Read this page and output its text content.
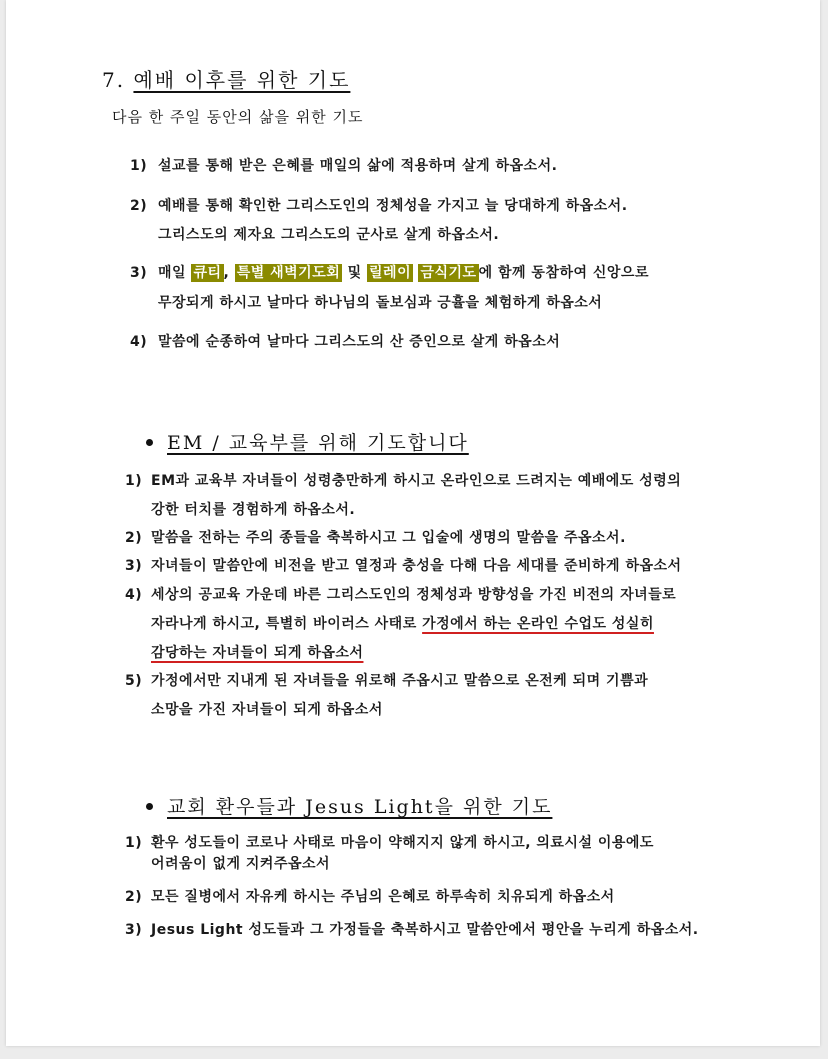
7. 예배 이후를 위한 기도
다음 한 주일 동안의 삶을 위한 기도
1) 설교를 통해 받은 은혜를 매일의 삶에 적용하며 살게 하옵소서.
2) 예배를 통해 확인한 그리스도인의 정체성을 가지고 늘 당대하게 하옵소서.
그리스도의 제자요 그리스도의 군사로 살게 하옵소서.
3) 매일 큐티 , 특별 새벽기도회 및 릴레이 금식기도 에 함께 동참하여 신앙으로
무장되게 하시고 날마다 하나님의 돌보심과 긍휼을 체험하게 하옵소서
4) 말씀에 순종하여 날마다 그리스도의 산 증인으로 살게 하옵소서
EM / 교육부를 위해 기도합니다
1) EM과 교육부 자녀들이 성령충만하게 하시고 온라인으로 드려지는 예배에도 성령의
강한 터치를 경험하게 하옵소서.
2) 말씀을 전하는 주의 종들을 축복하시고 그 입술에 생명의 말씀을 주옵소서.
3) 자녀들이 말씀안에 비전을 받고 열정과 충성을 다해 다음 세대를 준비하게 하옵소서
4) 세상의 공교육 가운데 바른 그리스도인의 정체성과 방향성을 가진 비전의 자녀들로
자라나게 하시고, 특별히 바이러스 사태로 가정에서 하는 온라인 수업도 성실히
감당하는 자녀들이 되게 하옵소서
5) 가정에서만 지내게 된 자녀들을 위로해 주옵시고 말씀으로 온전케 되며 기쁨과
소망을 가진 자녀들이 되게 하옵소서
교회 환우들과 Jesus Light을 위한 기도
1) 환우 성도들이 코로나 사태로 마음이 약해지지 않게 하시고, 의료시설 이용에도
어려움이 없게 지켜주옵소서
2) 모든 질병에서 자유케 하시는 주님의 은혜로 하루속히 치유되게 하옵소서
3) Jesus Light 성도들과 그 가정들을 축복하시고 말씀안에서 평안을 누리게 하옵소서.
